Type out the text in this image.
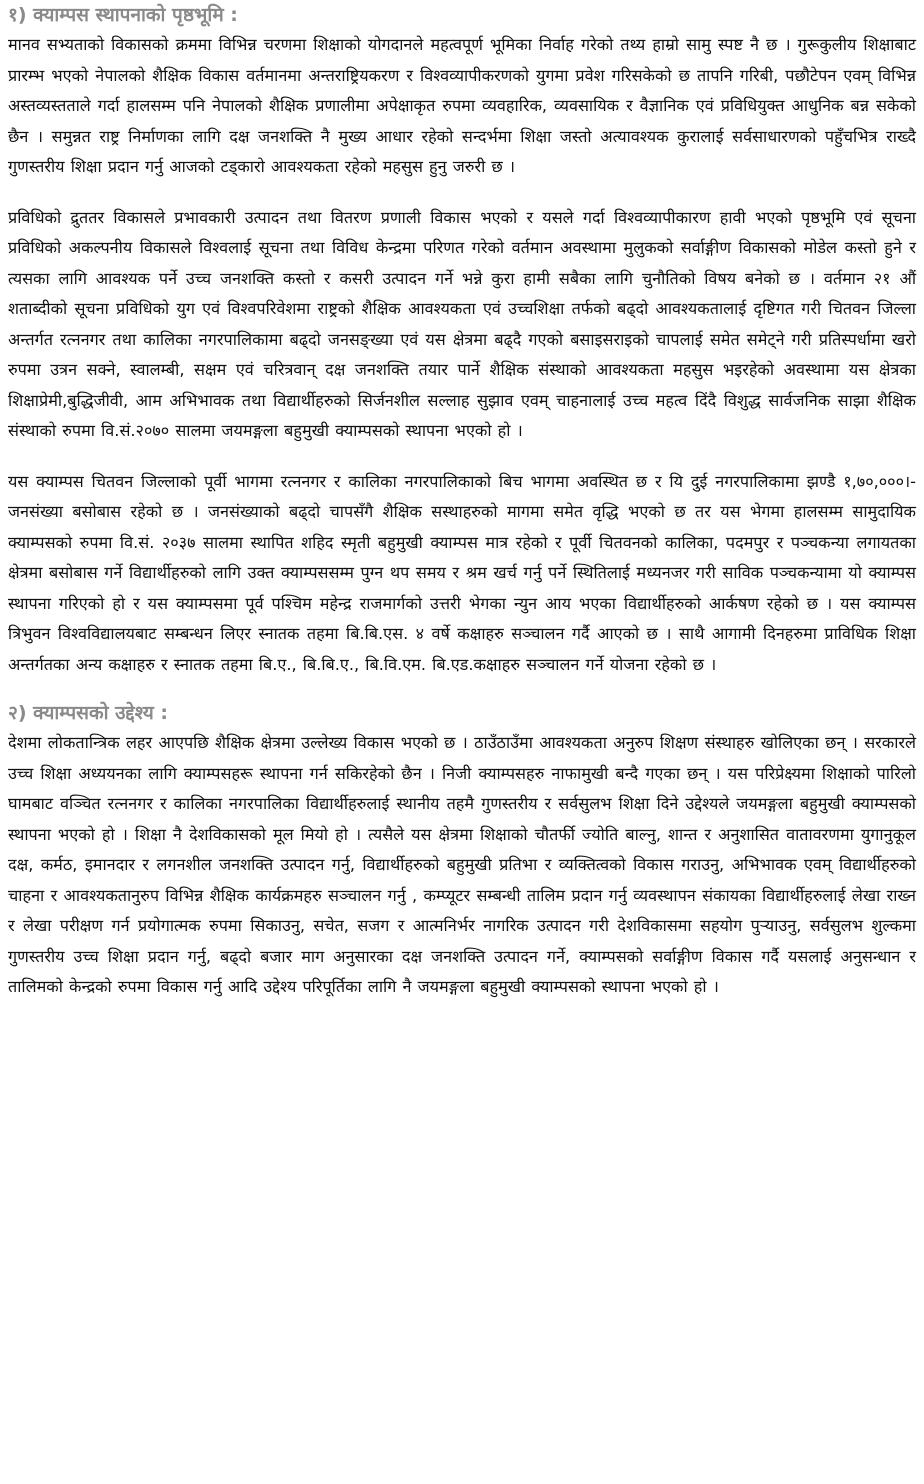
१) क्याम्पस स्थापनाको पृष्ठभूमि :

मानव सभ्यताको विकासको क्रममा विभिन्न चरणमा शिक्षाको योगदानले महत्वपूर्ण भूमिका निर्वाह गरेको तथ्य हाम्रो सामु स्पष्ट नै छ । गुरूकुलीय शिक्षाबाट प्रारम्भ भएको नेपालको शैक्षिक विकास वर्तमानमा अन्तराष्ट्रियकरण र विश्वव्यापीकरणको युगमा प्रवेश गरिसकेको छ तापनि गरिबी, पछौटेपन एवम् विभिन्न अस्तव्यस्तताले गर्दा हालसम्म पनि नेपालको शैक्षिक प्रणालीमा अपेक्षाकृत रुपमा व्यवहारिक, व्यवसायिक र वैज्ञानिक एवं प्रविधियुक्त आधुनिक बन्न सकेको छैन । समुन्नत राष्ट्र निर्माणका लागि दक्ष जनशक्ति नै मुख्य आधार रहेको सन्दर्भमा शिक्षा जस्तो अत्यावश्यक कुरालाई सर्वसाधारणको पहुँचभित्र राख्दै गुणस्तरीय शिक्षा प्रदान गर्नु आजको टड्कारो आवश्यकता रहेको महसुस हुनु जरुरी छ ।

प्रविधिको द्रुततर विकासले प्रभावकारी उत्पादन तथा वितरण प्रणाली विकास भएको र यसले गर्दा विश्वव्यापीकारण हावी भएको पृष्ठभूमि एवं सूचना प्रविधिको अकल्पनीय विकासले विश्वलाई सूचना तथा विविध केन्द्रमा परिणत गरेको वर्तमान अवस्थामा मुलुकको सर्वाङ्गीण विकासको मोडेल कस्तो हुने र त्यसका लागि आवश्यक पर्ने उच्च जनशक्ति कस्तो र कसरी उत्पादन गर्ने भन्ने कुरा हामी सबैका लागि चुनौतिको विषय बनेको छ । वर्तमान २१ औं शताब्दीको सूचना प्रविधिको युग एवं विश्वपरिवेशमा राष्ट्रको शैक्षिक आवश्यकता एवं उच्चशिक्षा तर्फको बढ्दो आवश्यकतालाई दृष्टिगत गरी चितवन जिल्ला अन्तर्गत रत्ननगर तथा कालिका नगरपालिकामा बढ्दो जनसङ्ख्या एवं यस क्षेत्रमा बढ्दै गएको बसाइसराइको चापलाई समेत समेट्ने गरी प्रतिस्पर्धामा खरो रुपमा उत्रन सक्ने, स्वालम्बी, सक्षम एवं चरित्रवान् दक्ष जनशक्ति तयार पार्ने शैक्षिक संस्थाको आवश्यकता महसुस भइरहेको अवस्थामा यस क्षेत्रका शिक्षाप्रेमी,बुद्धिजीवी, आम अभिभावक तथा विद्यार्थीहरुको सिर्जनशील सल्लाह सुझाव एवम् चाहनालाई उच्च महत्व दिंदै विशुद्ध सार्वजनिक साझा शैक्षिक संस्थाको रुपमा वि.सं.२०७० सालमा जयमङ्गला बहुमुखी क्याम्पसको स्थापना भएको हो ।

यस क्याम्पस चितवन जिल्लाको पूर्वी भागमा रत्ननगर र कालिका नगरपालिकाको बिच भागमा अवस्थित छ र यि दुई नगरपालिकामा झण्डै १,७०,०००।- जनसंख्या बसोबास रहेको छ । जनसंख्याको बढ्दो चापसँगै शैक्षिक सस्थाहरुको मागमा समेत वृद्धि भएको छ तर यस भेगमा हालसम्म सामुदायिक क्याम्पसको रुपमा वि.सं. २०३७ सालमा स्थापित शहिद स्मृती बहुमुखी क्याम्पस मात्र रहेको र पूर्वी चितवनको कालिका, पदमपुर र पञ्चकन्या लगायतका क्षेत्रमा बसोबास गर्ने विद्यार्थीहरुको लागि उक्त क्याम्पससम्म पुग्न थप समय र श्रम खर्च गर्नु पर्ने स्थितिलाई मध्यनजर गरी साविक पञ्चकन्यामा यो क्याम्पस स्थापना गरिएको हो र यस क्याम्पसमा पूर्व पश्चिम महेन्द्र राजमार्गको उत्तरी भेगका न्युन आय भएका विद्यार्थीहरुको आर्कषण रहेको छ । यस क्याम्पस त्रिभुवन विश्वविद्यालयबाट सम्बन्धन लिएर स्नातक तहमा बि.बि.एस. ४ वर्षे कक्षाहरु सञ्चालन गर्दै आएको छ । साथै आगामी दिनहरुमा प्राविधिक शिक्षा अन्तर्गतका अन्य कक्षाहरु र स्नातक तहमा बि.ए., बि.बि.ए., बि.वि.एम. बि.एड.कक्षाहरु सञ्चालन गर्ने योजना रहेको छ ।

२) क्याम्पसको उद्देश्य :

देशमा लोकतान्त्रिक लहर आएपछि शैक्षिक क्षेत्रमा उल्लेख्य विकास भएको छ । ठाउँठाउँमा आवश्यकता अनुरुप शिक्षण संस्थाहरु खोलिएका छन् । सरकारले उच्च शिक्षा अध्ययनका लागि क्याम्पसहरू स्थापना गर्न सकिरहेको छैन । निजी क्याम्पसहरु नाफामुखी बन्दै गएका छन् । यस परिप्रेक्ष्यमा शिक्षाको पारिलो घामबाट वञ्चित रत्ननगर र कालिका नगरपालिका विद्यार्थीहरुलाई स्थानीय तहमै गुणस्तरीय र सर्वसुलभ शिक्षा दिने उद्देश्यले जयमङ्गला बहुमुखी क्याम्पसको स्थापना भएको हो । शिक्षा नै देशविकासको मूल मियो हो । त्यसैले यस क्षेत्रमा शिक्षाको चौतर्फी ज्योति बाल्नु, शान्त र अनुशासित वातावरणमा युगानुकूल दक्ष, कर्मठ, इमानदार र लगनशील जनशक्ति उत्पादन गर्नु, विद्यार्थीहरुको बहुमुखी प्रतिभा र व्यक्तित्वको विकास गराउनु, अभिभावक एवम् विद्यार्थीहरुको चाहना र आवश्यकतानुरुप विभिन्न शैक्षिक कार्यक्रमहरु सञ्चालन गर्नु , कम्प्यूटर सम्बन्धी तालिम प्रदान गर्नु व्यवस्थापन संकायका विद्यार्थीहरुलाई लेखा राख्न र लेखा परीक्षण गर्न प्रयोगात्मक रुपमा सिकाउनु, सचेत, सजग र आत्मनिर्भर नागरिक उत्पादन गरी देशविकासमा सहयोग पुऱ्याउनु, सर्वसुलभ शुल्कमा गुणस्तरीय उच्च शिक्षा प्रदान गर्नु, बढ्दो बजार माग अनुसारका दक्ष जनशक्ति उत्पादन गर्ने, क्याम्पसको सर्वाङ्गीण विकास गर्दै यसलाई अनुसन्धान र तालिमको केन्द्रको रुपमा विकास गर्नु आदि उद्देश्य परिपूर्तिका लागि नै जयमङ्गला बहुमुखी क्याम्पसको स्थापना भएको हो ।
